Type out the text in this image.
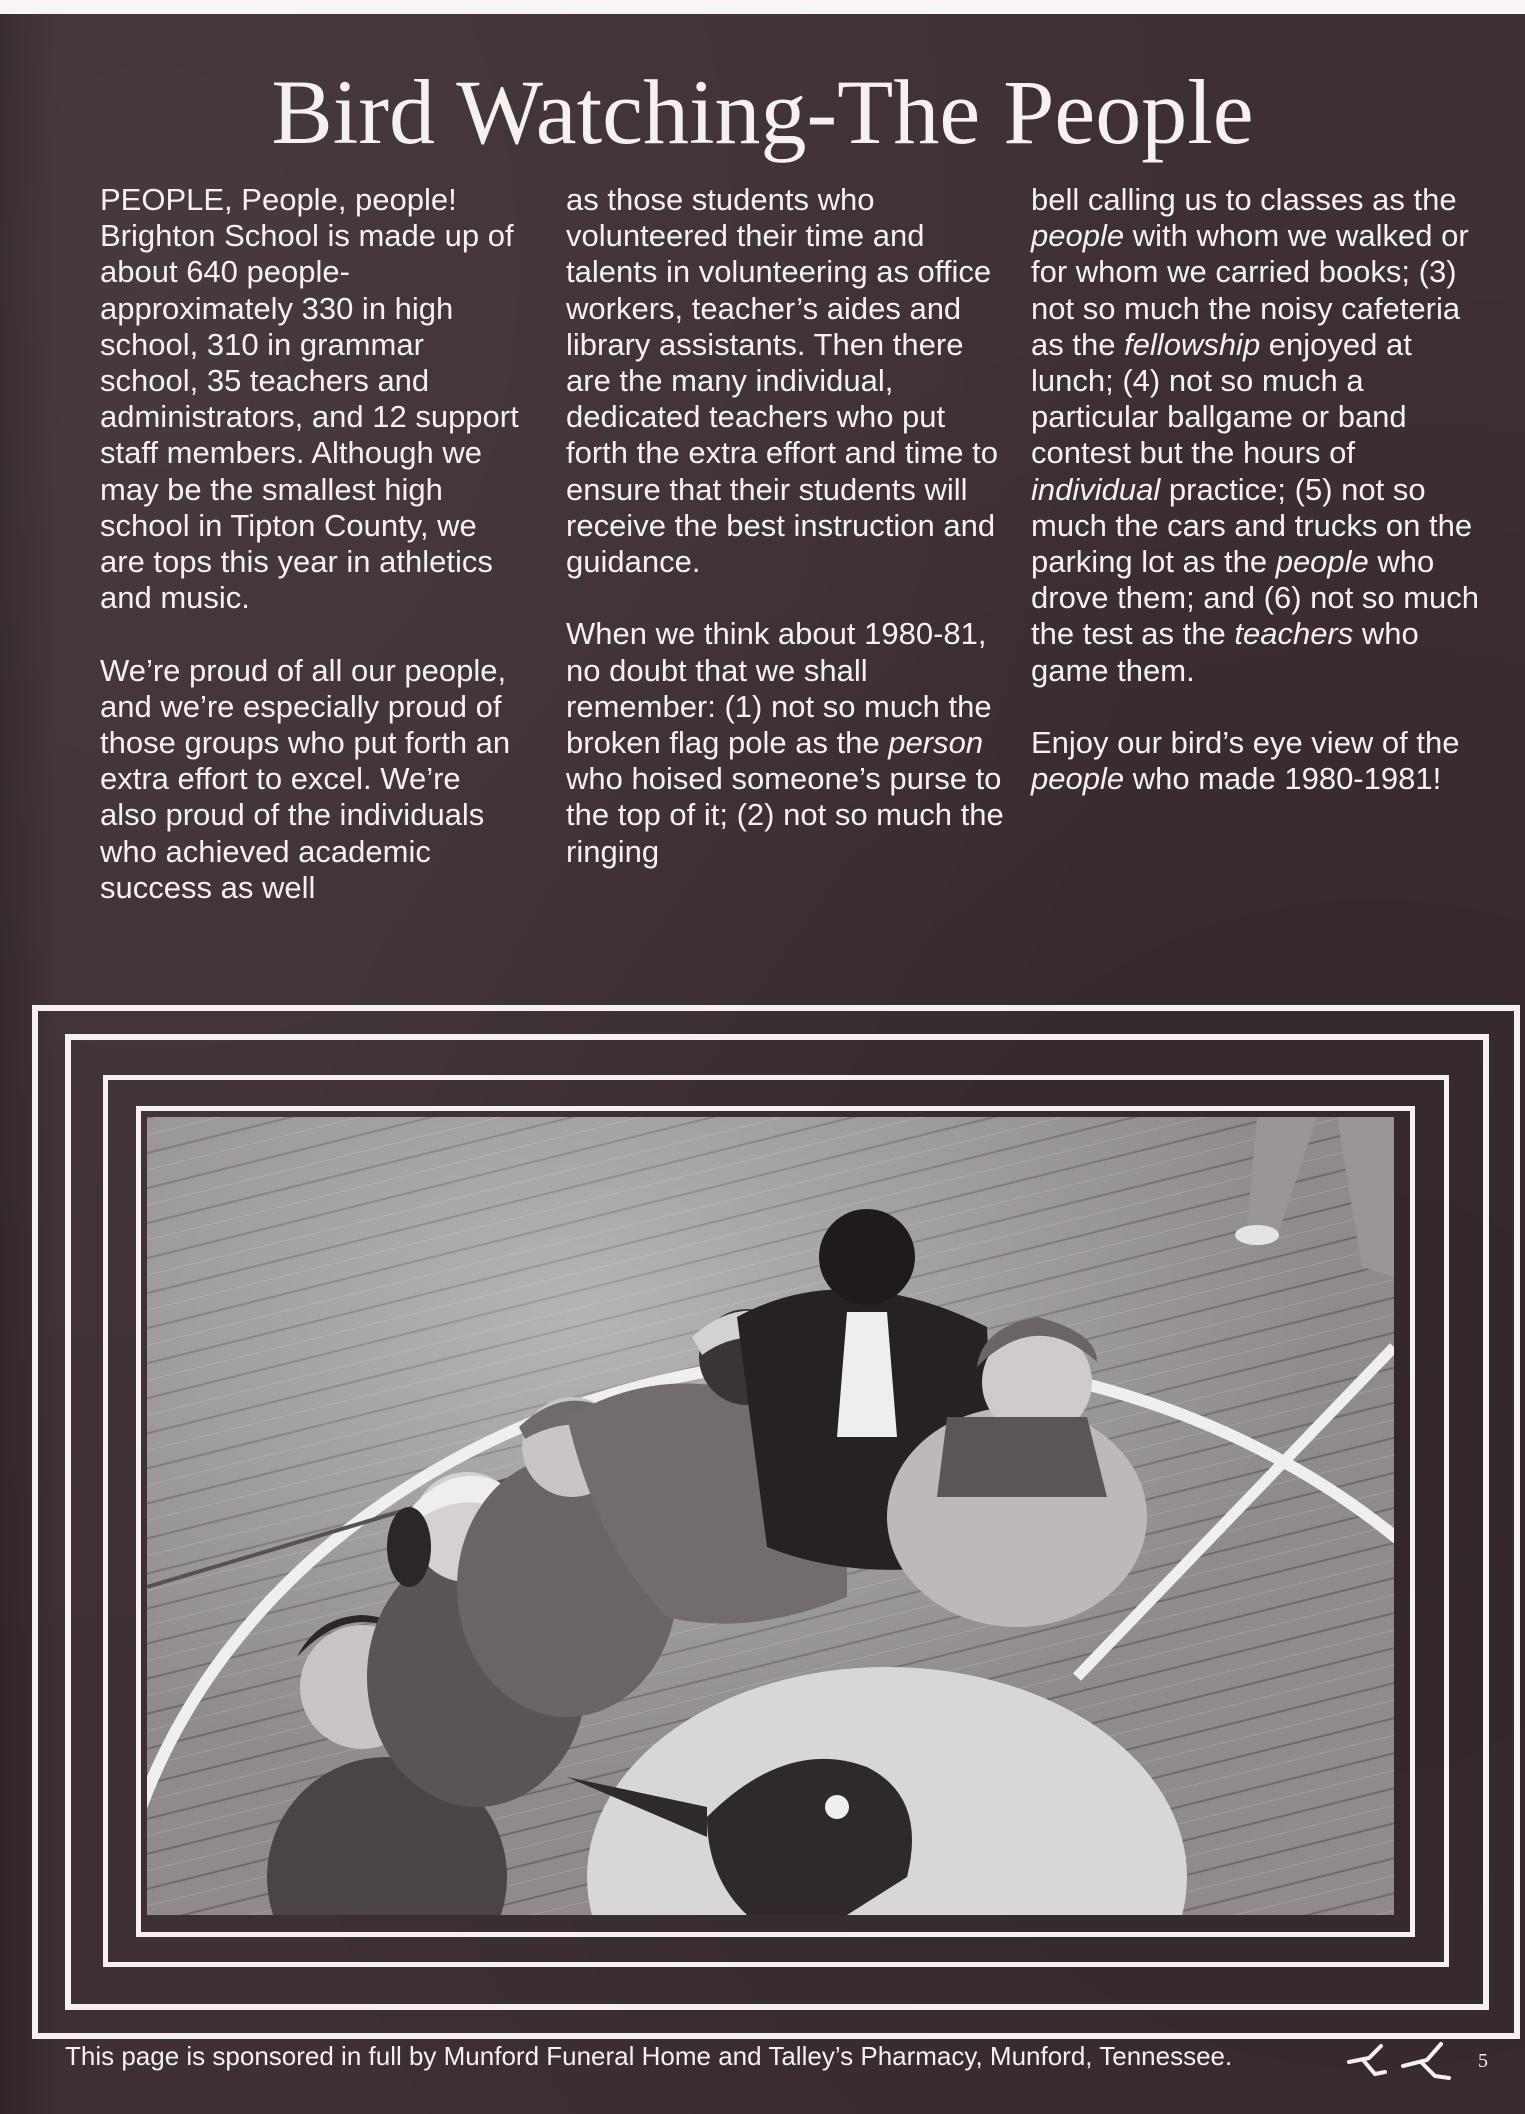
Bird Watching-The People

PEOPLE, People, people! Brighton School is made up of about 640 people-approximately 330 in high school, 310 in grammar school, 35 teachers and administrators, and 12 support staff members. Although we may be the smallest high school in Tipton County, we are tops this year in athletics and music.

We’re proud of all our people, and we’re especially proud of those groups who put forth an extra effort to excel. We’re also proud of the individuals who achieved academic success as well

as those students who volunteered their time and talents in volunteering as office workers, teacher’s aides and library assistants. Then there are the many individual, dedicated teachers who put forth the extra effort and time to ensure that their students will receive the best instruction and guidance.

When we think about 1980-81, no doubt that we shall remember: (1) not so much the broken flag pole as the person who hoised someone’s purse to the top of it; (2) not so much the ringing

bell calling us to classes as the people with whom we walked or for whom we carried books; (3) not so much the noisy cafeteria as the fellowship enjoyed at lunch; (4) not so much a particular ballgame or band contest but the hours of individual practice; (5) not so much the cars and trucks on the parking lot as the people who drove them; and (6) not so much the test as the teachers who game them.

Enjoy our bird’s eye view of the people who made 1980-1981!

This page is sponsored in full by Munford Funeral Home and Talley’s Pharmacy, Munford, Tennessee.	5
